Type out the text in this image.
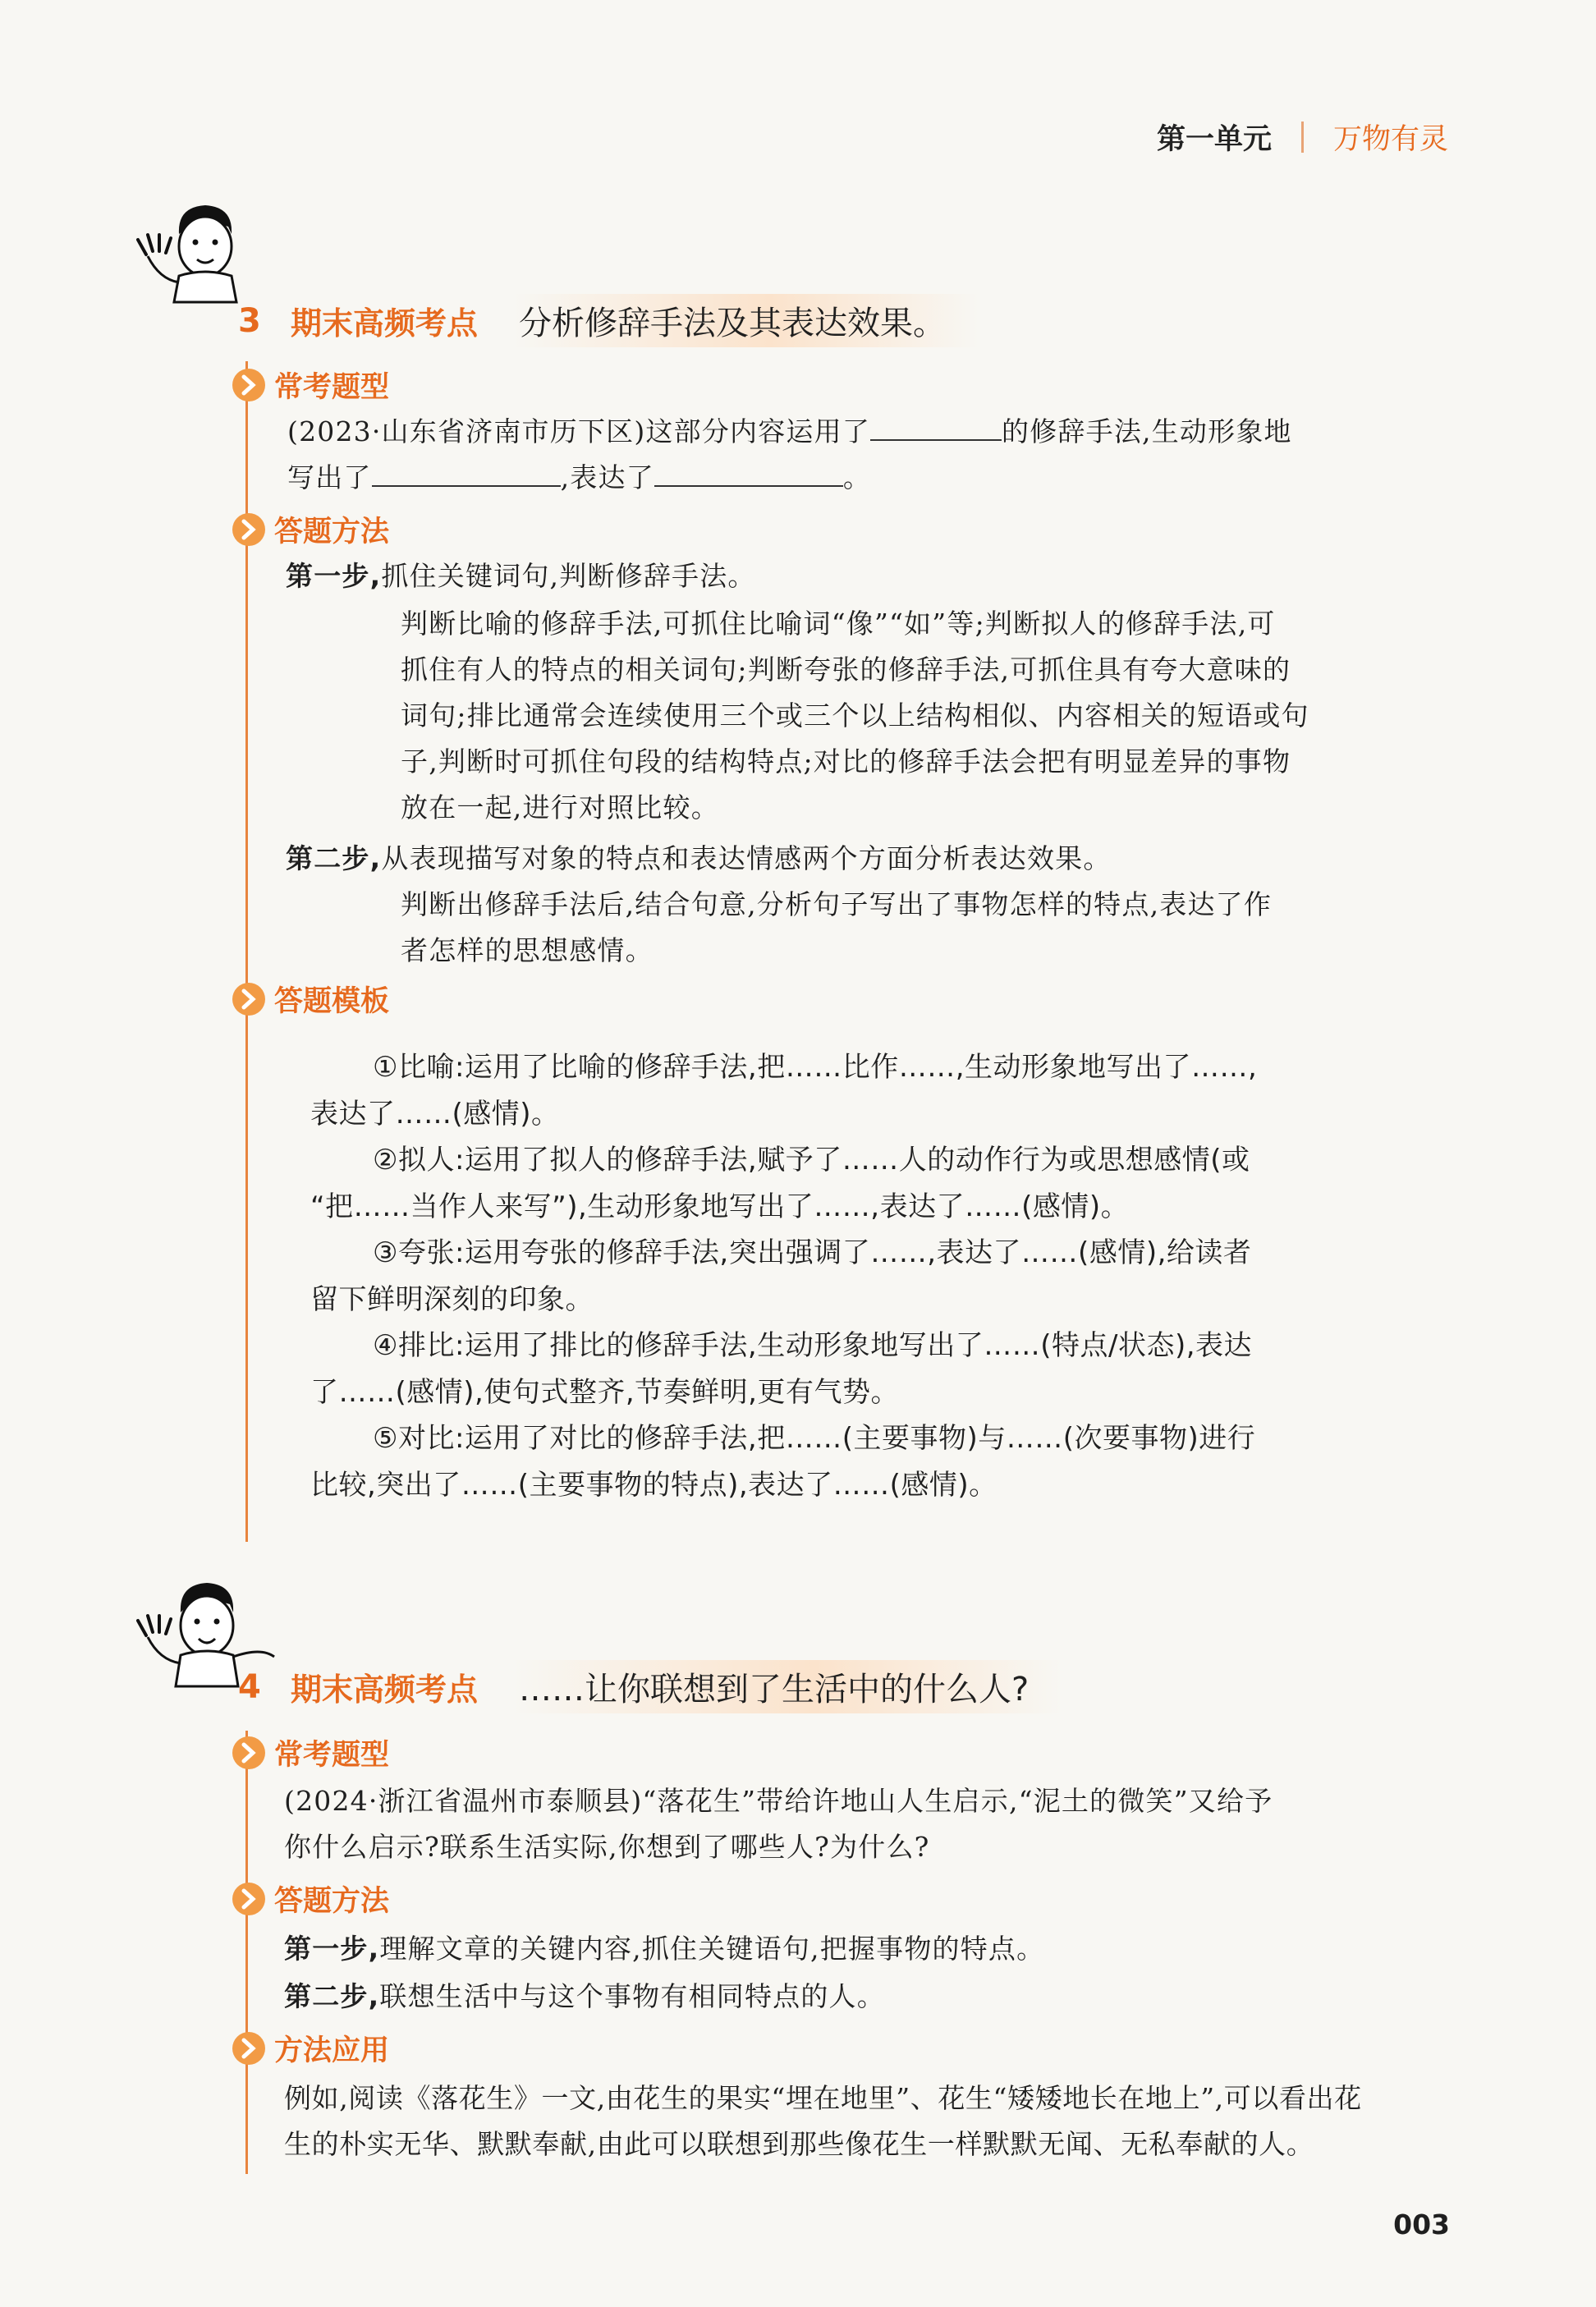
第一单元 万物有灵
3 期末高频考点 分析修辞手法及其表达效果。
常考题型
(2023·山东省济南市历下区)这部分内容运用了	的修辞手法,生动形象地
写出了	,表达了	。
答题方法
第一步,抓住关键词句,判断修辞手法。
判断比喻的修辞手法,可抓住比喻词“像”“如”等;判断拟人的修辞手法,可
抓住有人的特点的相关词句;判断夸张的修辞手法,可抓住具有夸大意味的
词句;排比通常会连续使用三个或三个以上结构相似、内容相关的短语或句
子,判断时可抓住句段的结构特点;对比的修辞手法会把有明显差异的事物
放在一起,进行对照比较。
第二步,从表现描写对象的特点和表达情感两个方面分析表达效果。
判断出修辞手法后,结合句意,分析句子写出了事物怎样的特点,表达了作
者怎样的思想感情。
答题模板
①比喻:运用了比喻的修辞手法,把……比作……,生动形象地写出了……,
表达了……(感情)。
②拟人:运用了拟人的修辞手法,赋予了……人的动作行为或思想感情(或
“把……当作人来写”),生动形象地写出了……,表达了……(感情)。
③夸张:运用夸张的修辞手法,突出强调了……,表达了……(感情),给读者
留下鲜明深刻的印象。
④排比:运用了排比的修辞手法,生动形象地写出了……(特点/状态),表达
了……(感情),使句式整齐,节奏鲜明,更有气势。
⑤对比:运用了对比的修辞手法,把……(主要事物)与……(次要事物)进行
比较,突出了……(主要事物的特点),表达了……(感情)。
4 期末高频考点 ……让你联想到了生活中的什么人?
常考题型
(2024·浙江省温州市泰顺县)“落花生”带给许地山人生启示,“泥土的微笑”又给予
你什么启示?联系生活实际,你想到了哪些人?为什么?
答题方法
第一步,理解文章的关键内容,抓住关键语句,把握事物的特点。
第二步,联想生活中与这个事物有相同特点的人。
方法应用
例如,阅读《落花生》一文,由花生的果实“埋在地里”、花生“矮矮地长在地上”,可以看出花
生的朴实无华、默默奉献,由此可以联想到那些像花生一样默默无闻、无私奉献的人。
003
